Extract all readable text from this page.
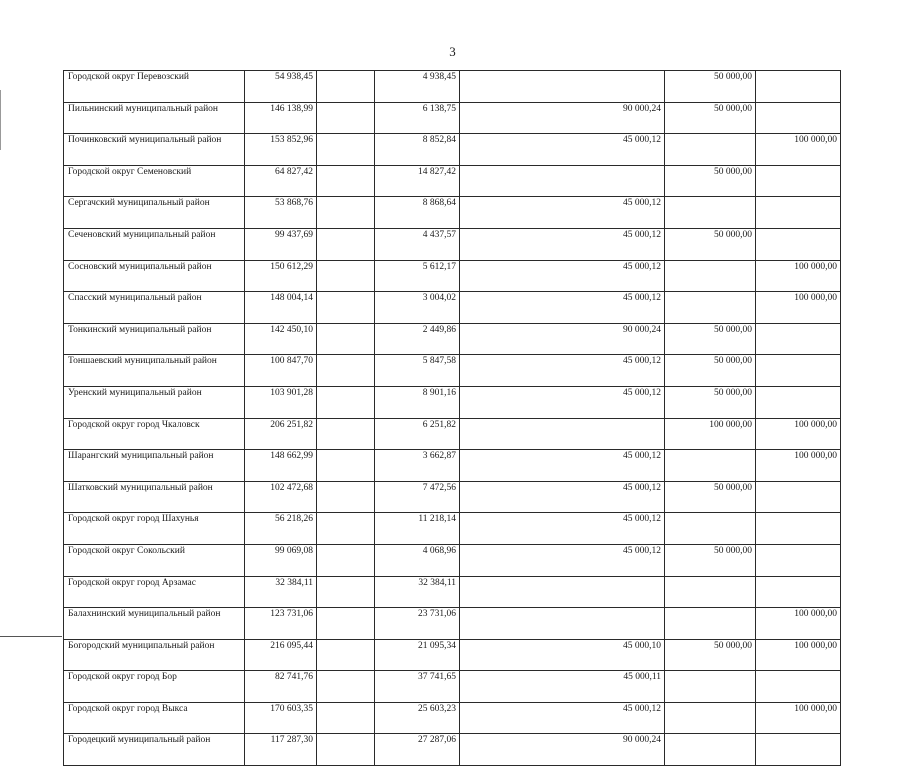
3
Городской округ Перевозский	54 938,45		4 938,45		50 000,00	
Пильнинский муниципальный район	146 138,99		6 138,75	90 000,24	50 000,00	
Починковский муниципальный район	153 852,96		8 852,84	45 000,12		100 000,00
Городской округ Семеновский	64 827,42		14 827,42		50 000,00	
Сергачский муниципальный район	53 868,76		8 868,64	45 000,12		
Сеченовский муниципальный район	99 437,69		4 437,57	45 000,12	50 000,00	
Сосновский муниципальный район	150 612,29		5 612,17	45 000,12		100 000,00
Спасский муниципальный район	148 004,14		3 004,02	45 000,12		100 000,00
Тонкинский муниципальный район	142 450,10		2 449,86	90 000,24	50 000,00	
Тоншаевский муниципальный район	100 847,70		5 847,58	45 000,12	50 000,00	
Уренский муниципальный район	103 901,28		8 901,16	45 000,12	50 000,00	
Городской округ город Чкаловск	206 251,82		6 251,82		100 000,00	100 000,00
Шарангский муниципальный район	148 662,99		3 662,87	45 000,12		100 000,00
Шатковский муниципальный район	102 472,68		7 472,56	45 000,12	50 000,00	
Городской округ город Шахунья	56 218,26		11 218,14	45 000,12		
Городской округ Сокольский	99 069,08		4 068,96	45 000,12	50 000,00	
Городской округ город Арзамас	32 384,11		32 384,11			
Балахнинский муниципальный район	123 731,06		23 731,06			100 000,00
Богородский муниципальный район	216 095,44		21 095,34	45 000,10	50 000,00	100 000,00
Городской округ город Бор	82 741,76		37 741,65	45 000,11		
Городской округ город Выкса	170 603,35		25 603,23	45 000,12		100 000,00
Городецкий муниципальный район	117 287,30		27 287,06	90 000,24		
